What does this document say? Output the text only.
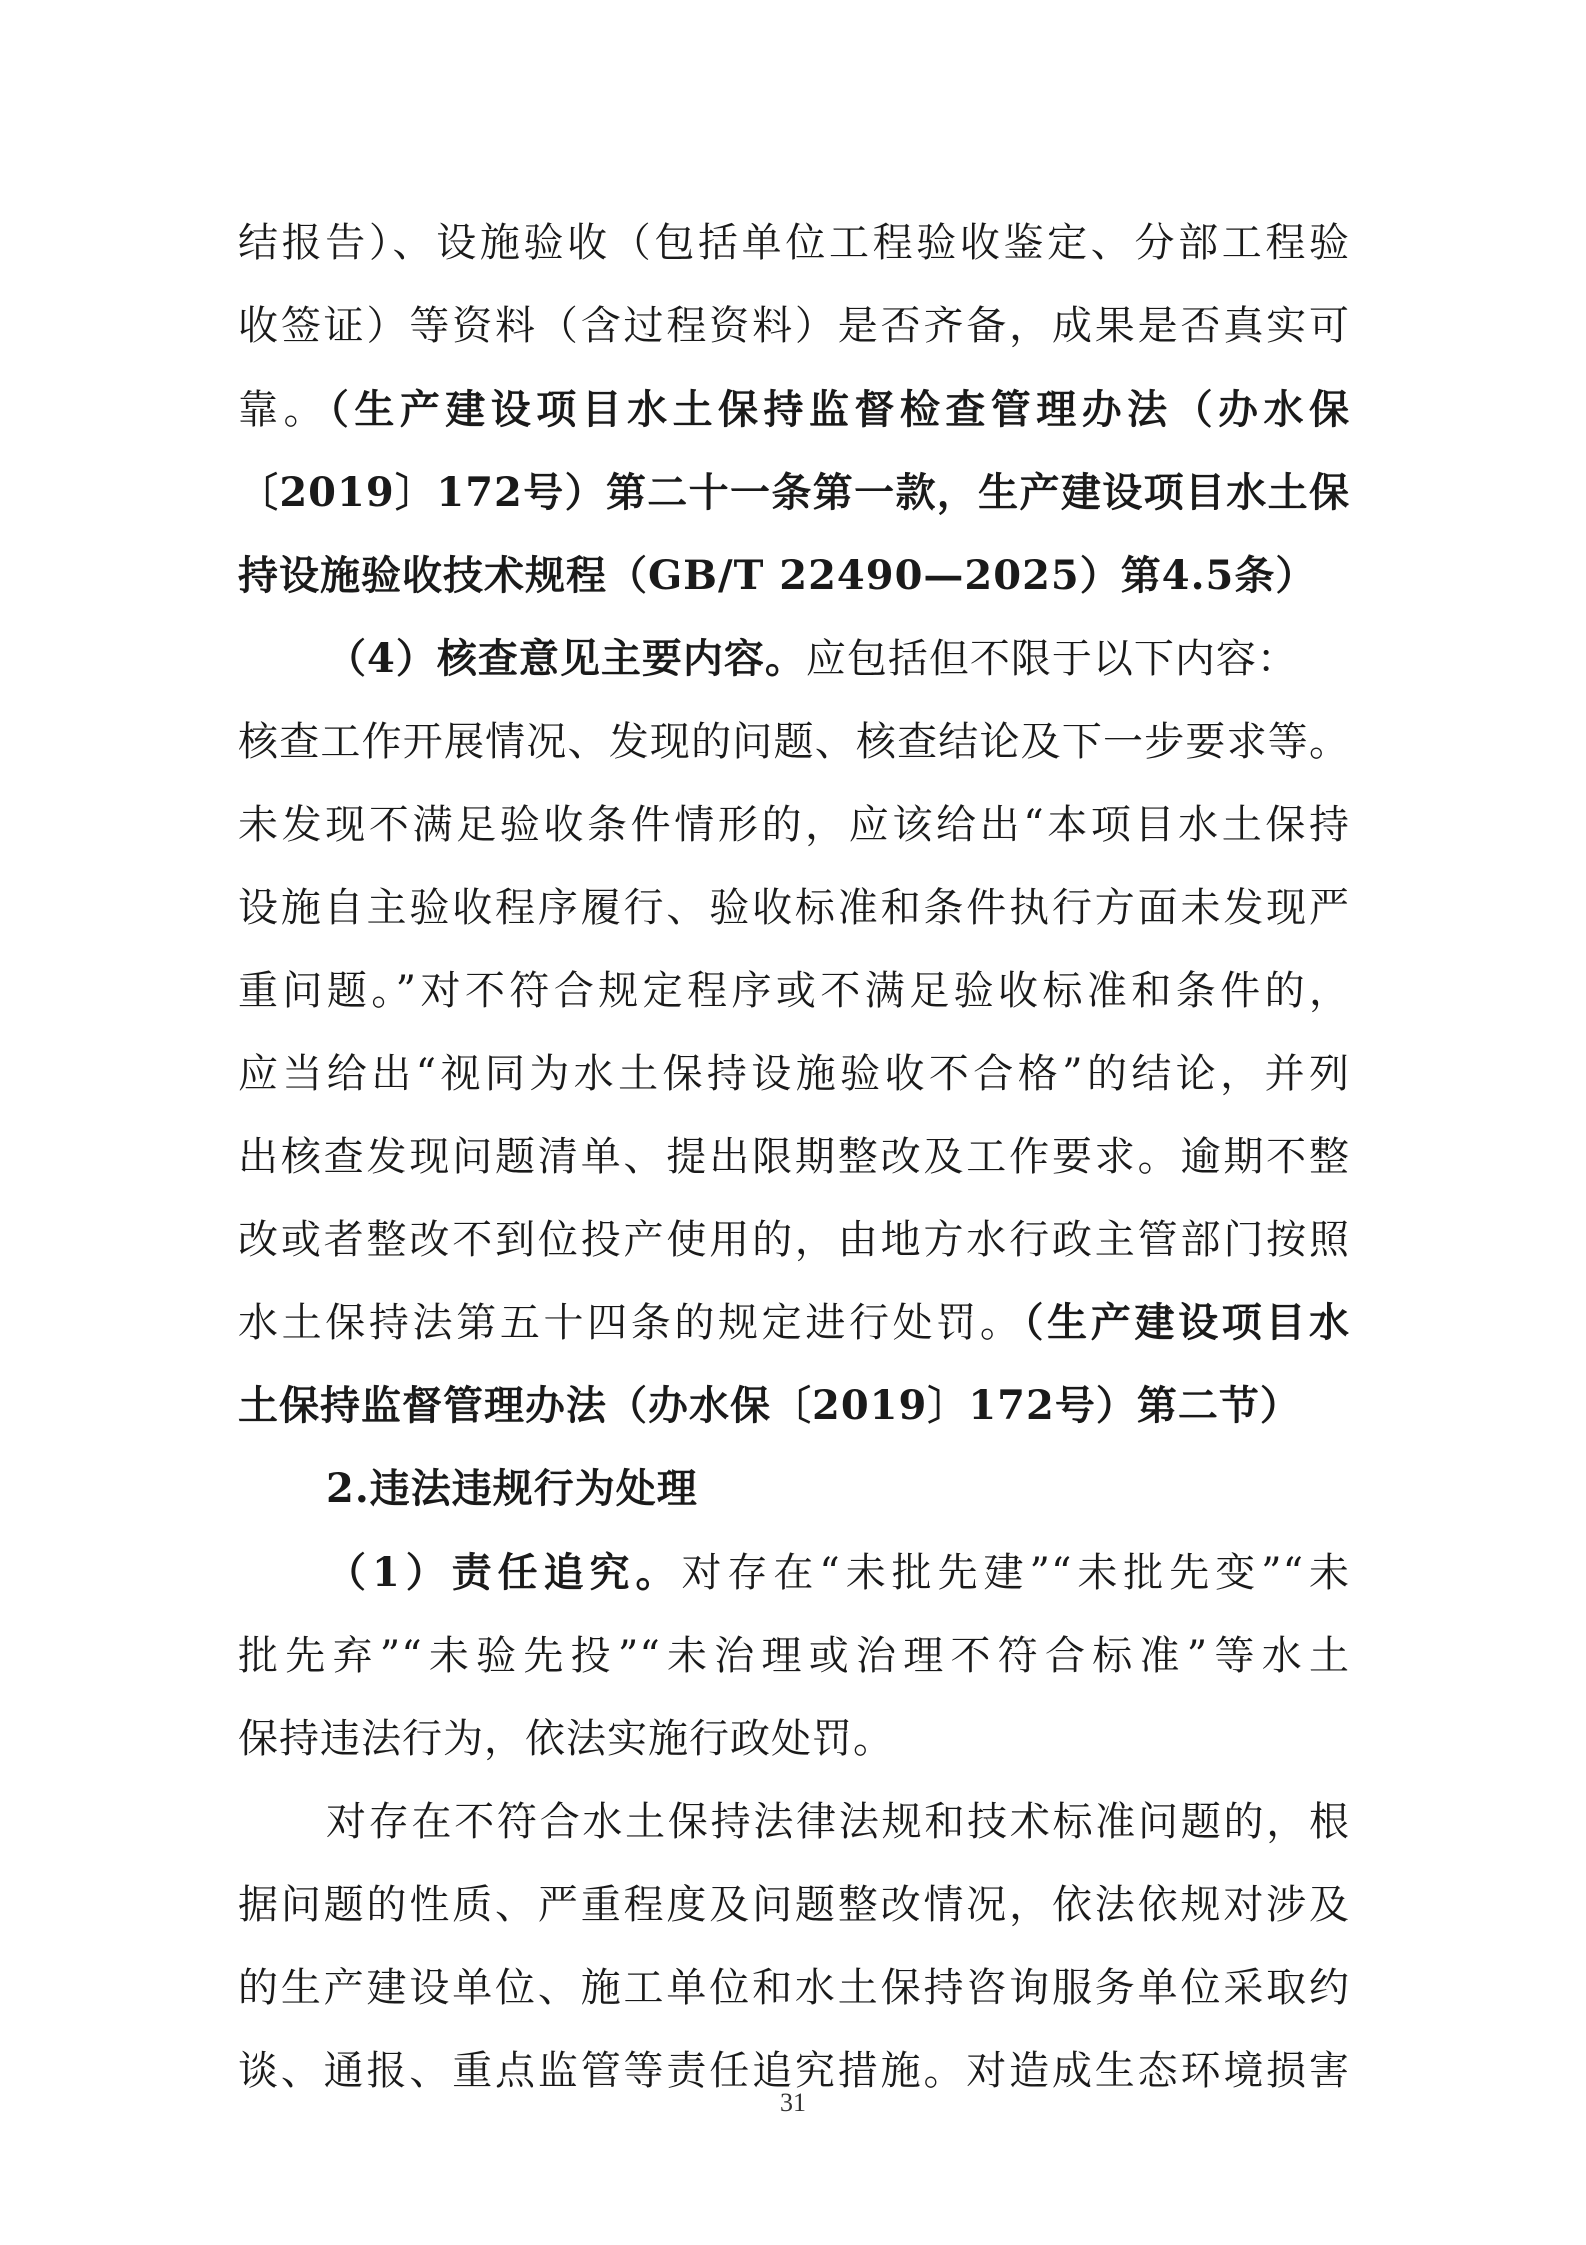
结报告）、设施验收（包括单位工程验收鉴定、分部工程验
收签证）等资料（含过程资料）是否齐备，成果是否真实可
靠。（生产建设项目水土保持监督检查管理办法（办水保
〔2019〕172号）第二十一条第一款，生产建设项目水土保
持设施验收技术规程（GB/T 22490—2025）第4.5条）
（4）核查意见主要内容。应包括但不限于以下内容：
核查工作开展情况、发现的问题、核查结论及下一步要求等。
未发现不满足验收条件情形的，应该给出“本项目水土保持
设施自主验收程序履行、验收标准和条件执行方面未发现严
重问题。”对不符合规定程序或不满足验收标准和条件的，
应当给出“视同为水土保持设施验收不合格”的结论，并列
出核查发现问题清单、提出限期整改及工作要求。逾期不整
改或者整改不到位投产使用的，由地方水行政主管部门按照
水土保持法第五十四条的规定进行处罚。（生产建设项目水
土保持监督管理办法（办水保〔2019〕172号）第二节）
2.违法违规行为处理
（1）责任追究。对存在“未批先建”“未批先变”“未
批先弃”“未验先投”“未治理或治理不符合标准”等水土
保持违法行为，依法实施行政处罚。
对存在不符合水土保持法律法规和技术标准问题的，根
据问题的性质、严重程度及问题整改情况，依法依规对涉及
的生产建设单位、施工单位和水土保持咨询服务单位采取约
谈、通报、重点监管等责任追究措施。对造成生态环境损害
31
